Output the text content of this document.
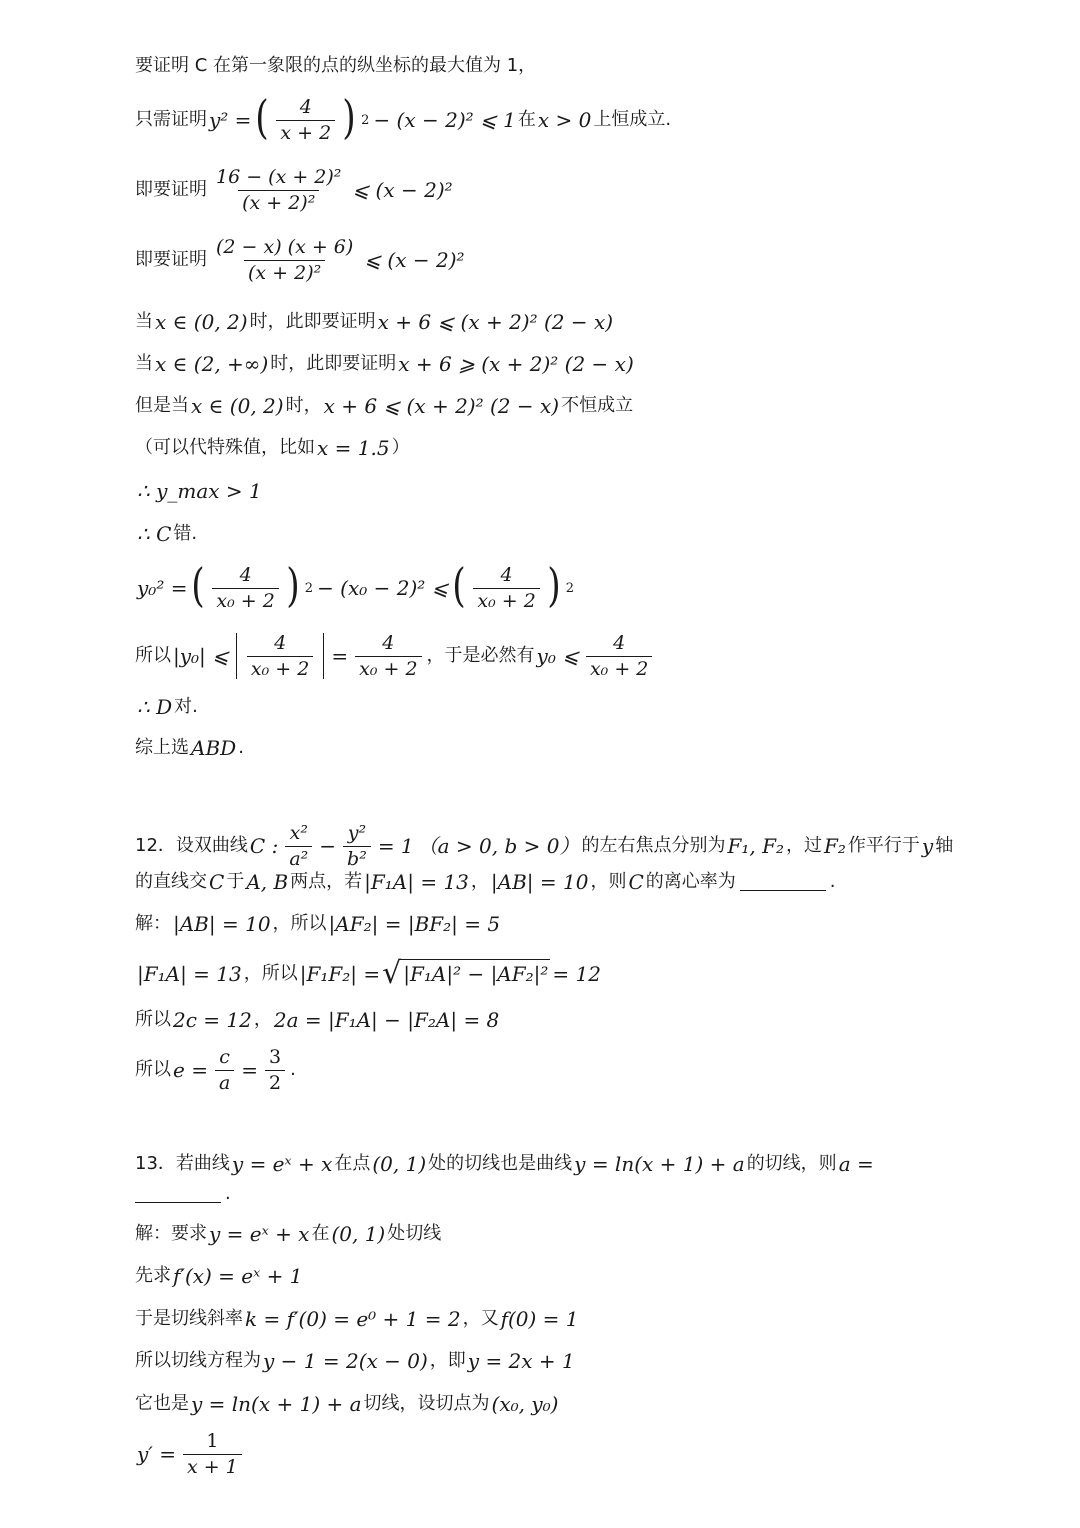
要证明 C 在第一象限的点的纵坐标的最大值为 1，
只需证明 y² = ( $\frac{4}{x + 2}$ ) 2 − (x − 2)² ⩽ 1 在 x > 0 上恒成立.
即要证明 $\frac{\text{16 − (x + 2)²}}{\text{(x + 2)²}}$ ⩽ (x − 2)²
即要证明 $\frac{(2 - x) (x + 6)}{\text{(x + 2)²}}$ ⩽ (x − 2)²
当 x ∈ (0, 2) 时，此即要证明 x + 6 ⩽ (x + 2)² (2 − x)
当 x ∈ (2, +∞) 时，此即要证明 x + 6 ⩾ (x + 2)² (2 − x)
但是当 x ∈ (0, 2) 时， x + 6 ⩽ (x + 2)² (2 − x) 不恒成立
（可以代特殊值，比如 x = 1.5 ）
∴ y_max > 1
∴ C 错.
y₀² = ( $\frac{4}{\text{x₀ + 2}}$ ) 2 − (x₀ − 2)² ⩽ ( $\frac{4}{\text{x₀ + 2}}$ ) 2
所以 |y₀| ⩽ $\frac{4}{\text{x₀ + 2}} = \frac{4}{\text{x₀ + 2}}$ ，于是必然有 y₀ ⩽ $\frac{4}{\text{x₀ + 2}}$
∴ D 对.
综上选 ABD .
12．设双曲线 C : $\frac{\text{x²}}{\text{a²}} - \frac{\text{y²}}{\text{b²}} = 1$ （a > 0, b > 0） 的左右焦点分别为 F₁, F₂ ，过 F₂ 作平行于 y 轴
的直线交 C 于 A, B 两点，若 |F₁A| = 13 ， |AB| = 10 ，则 C 的离心率为	.
解： |AB| = 10 ，所以 |AF₂| = |BF₂| = 5
|F₁A| = 13 ，所以 |F₁F₂| = √ |F₁A|² − |AF₂|² = 12
所以 2c = 12 ， 2a = |F₁A| − |F₂A| = 8
所以 $e = \frac{c}{a} = \frac{3}{2}$ .
13．若曲线 y = eˣ + x 在点 (0, 1) 处的切线也是曲线 y = ln(x + 1) + a 的切线，则 a =
.
解：要求 y = eˣ + x 在 (0, 1) 处切线
先求 f′(x) = eˣ + 1
于是切线斜率 k = f′(0) = e⁰ + 1 = 2 ，又 f(0) = 1
所以切线方程为 y − 1 = 2(x − 0) ，即 y = 2x + 1
它也是 y = ln(x + 1) + a 切线，设切点为 (x₀, y₀)
$y' = \frac{1}{x + 1}$
